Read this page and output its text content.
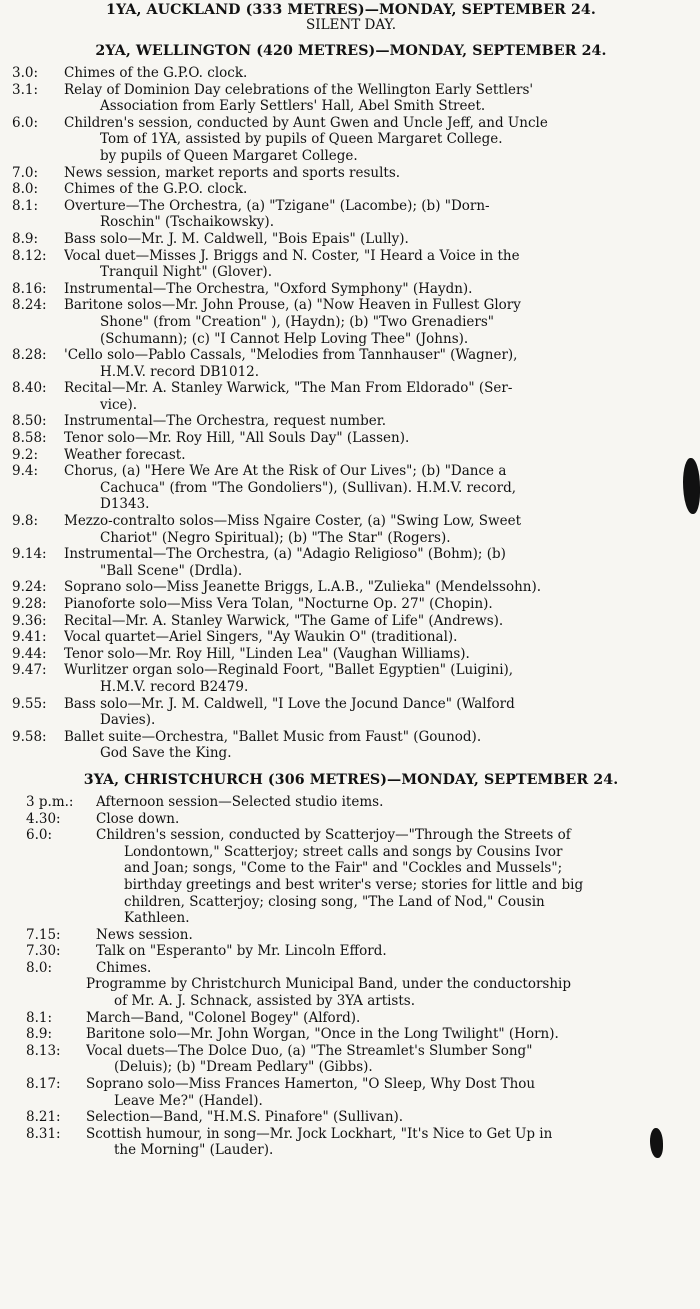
1YA, AUCKLAND (333 METRES)—MONDAY, SEPTEMBER 24.
SILENT DAY.
2YA, WELLINGTON (420 METRES)—MONDAY, SEPTEMBER 24.
3.0:	Chimes of the G.P.O. clock.
3.1:	Relay of Dominion Day celebrations of the Wellington Early Settlers'
Association from Early Settlers' Hall, Abel Smith Street.
6.0:	Children's session, conducted by Aunt Gwen and Uncle Jeff, and Uncle
Tom of 1YA, assisted by pupils of Queen Margaret College.
by pupils of Queen Margaret College.
7.0:	News session, market reports and sports results.
8.0:	Chimes of the G.P.O. clock.
8.1:	Overture—The Orchestra, (a) "Tzigane" (Lacombe); (b) "Dorn-
Roschin" (Tschaikowsky).
8.9:	Bass solo—Mr. J. M. Caldwell, "Bois Epais" (Lully).
8.12:	Vocal duet—Misses J. Briggs and N. Coster, "I Heard a Voice in the
Tranquil Night" (Glover).
8.16:	Instrumental—The Orchestra, "Oxford Symphony" (Haydn).
8.24:	Baritone solos—Mr. John Prouse, (a) "Now Heaven in Fullest Glory
Shone" (from "Creation" ), (Haydn); (b) "Two Grenadiers"
(Schumann); (c) "I Cannot Help Loving Thee" (Johns).
8.28:	'Cello solo—Pablo Cassals, "Melodies from Tannhauser" (Wagner),
H.M.V. record DB1012.
8.40:	Recital—Mr. A. Stanley Warwick, "The Man From Eldorado" (Ser-
vice).
8.50:	Instrumental—The Orchestra, request number.
8.58:	Tenor solo—Mr. Roy Hill, "All Souls Day" (Lassen).
9.2:	Weather forecast.
9.4:	Chorus, (a) "Here We Are At the Risk of Our Lives"; (b) "Dance a
Cachuca" (from "The Gondoliers"), (Sullivan). H.M.V. record,
D1343.
9.8:	Mezzo-contralto solos—Miss Ngaire Coster, (a) "Swing Low, Sweet
Chariot" (Negro Spiritual); (b) "The Star" (Rogers).
9.14:	Instrumental—The Orchestra, (a) "Adagio Religioso" (Bohm); (b)
"Ball Scene" (Drdla).
9.24:	Soprano solo—Miss Jeanette Briggs, L.A.B., "Zulieka" (Mendelssohn).
9.28:	Pianoforte solo—Miss Vera Tolan, "Nocturne Op. 27" (Chopin).
9.36:	Recital—Mr. A. Stanley Warwick, "The Game of Life" (Andrews).
9.41:	Vocal quartet—Ariel Singers, "Ay Waukin O" (traditional).
9.44:	Tenor solo—Mr. Roy Hill, "Linden Lea" (Vaughan Williams).
9.47:	Wurlitzer organ solo—Reginald Foort, "Ballet Egyptien" (Luigini),
H.M.V. record B2479.
9.55:	Bass solo—Mr. J. M. Caldwell, "I Love the Jocund Dance" (Walford
Davies).
9.58:	Ballet suite—Orchestra, "Ballet Music from Faust" (Gounod).
God Save the King.
3YA, CHRISTCHURCH (306 METRES)—MONDAY, SEPTEMBER 24.
3 p.m.:	Afternoon session—Selected studio items.
4.30:	Close down.
6.0:	Children's session, conducted by Scatterjoy—"Through the Streets of
Londontown," Scatterjoy; street calls and songs by Cousins Ivor
and Joan; songs, "Come to the Fair" and "Cockles and Mussels";
birthday greetings and best writer's verse; stories for little and big
children, Scatterjoy; closing song, "The Land of Nod," Cousin
Kathleen.
7.15:	News session.
7.30:	Talk on "Esperanto" by Mr. Lincoln Efford.
8.0:	Chimes.
Programme by Christchurch Municipal Band, under the conductorship
of Mr. A. J. Schnack, assisted by 3YA artists.
8.1:	March—Band, "Colonel Bogey" (Alford).
8.9:	Baritone solo—Mr. John Worgan, "Once in the Long Twilight" (Horn).
8.13:	Vocal duets—The Dolce Duo, (a) "The Streamlet's Slumber Song"
(Deluis); (b) "Dream Pedlary" (Gibbs).
8.17:	Soprano solo—Miss Frances Hamerton, "O Sleep, Why Dost Thou
Leave Me?" (Handel).
8.21:	Selection—Band, "H.M.S. Pinafore" (Sullivan).
8.31:	Scottish humour, in song—Mr. Jock Lockhart, "It's Nice to Get Up in
the Morning" (Lauder).
